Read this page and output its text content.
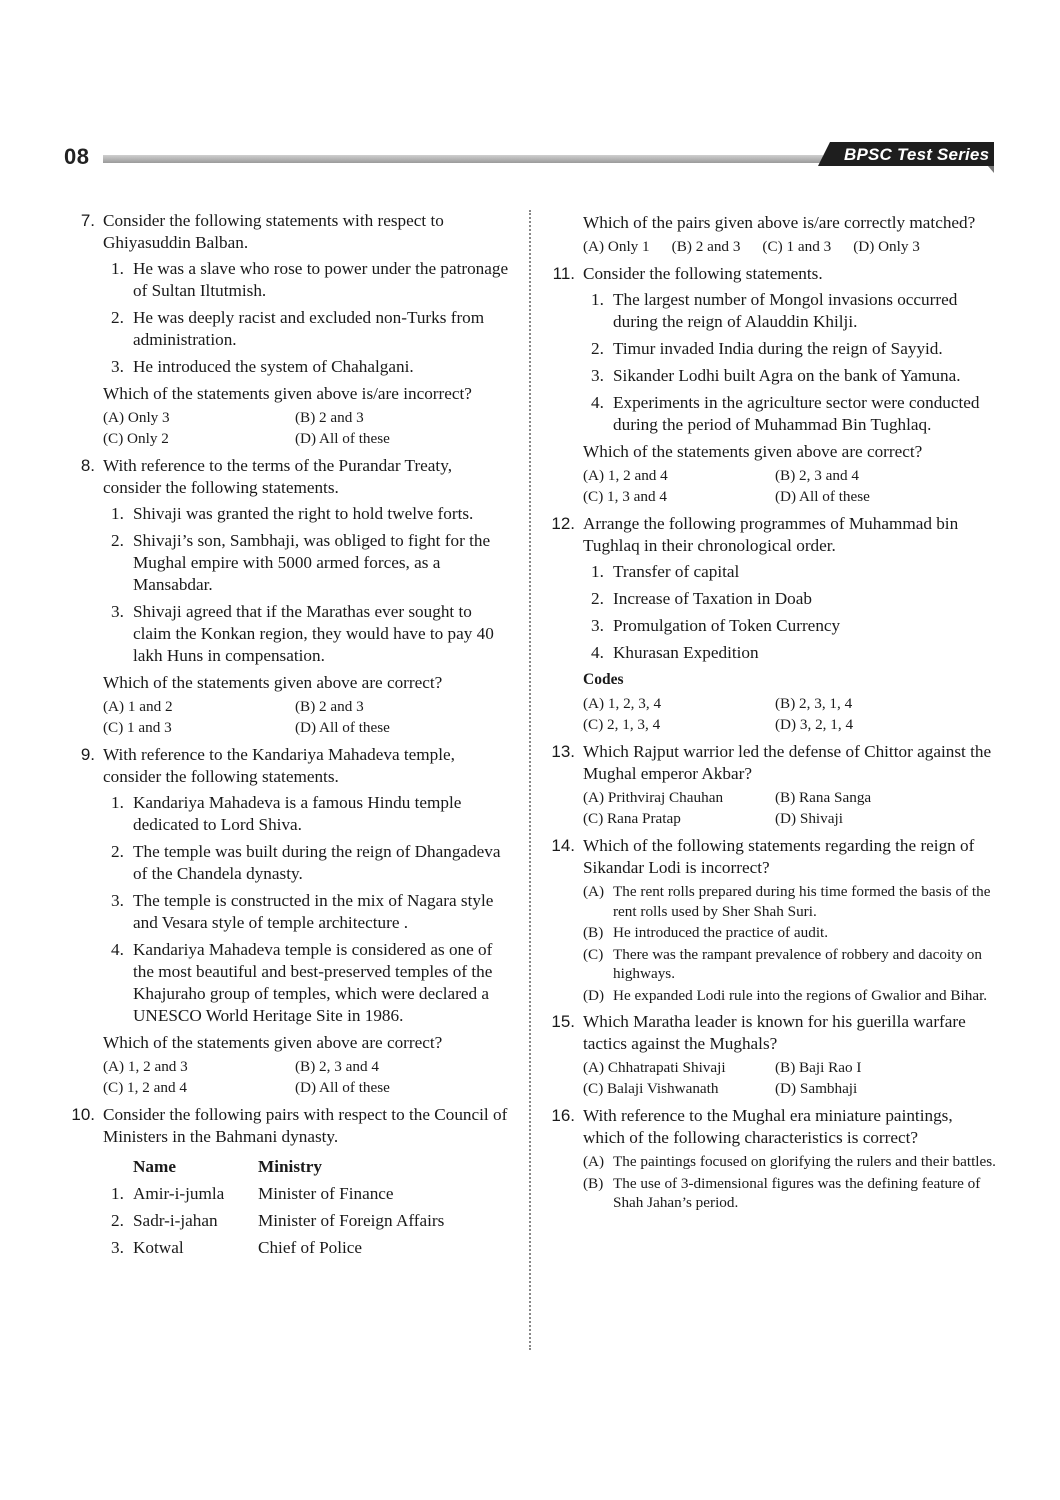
08	BPSC Test Series
7. Consider the following statements with respect to Ghiyasuddin Balban.
1. He was a slave who rose to power under the patronage of Sultan Iltutmish.
2. He was deeply racist and excluded non-Turks from administration.
3. He introduced the system of Chahalgani.
Which of the statements given above is/are incorrect?
(A) Only 3	(B) 2 and 3
(C) Only 2	(D) All of these
8. With reference to the terms of the Purandar Treaty, consider the following statements.
1. Shivaji was granted the right to hold twelve forts.
2. Shivaji’s son, Sambhaji, was obliged to fight for the Mughal empire with 5000 armed forces, as a Mansabdar.
3. Shivaji agreed that if the Marathas ever sought to claim the Konkan region, they would have to pay 40 lakh Huns in compensation.
Which of the statements given above are correct?
(A) 1 and 2	(B) 2 and 3
(C) 1 and 3	(D) All of these
9. With reference to the Kandariya Mahadeva temple, consider the following statements.
1. Kandariya Mahadeva is a famous Hindu temple dedicated to Lord Shiva.
2. The temple was built during the reign of Dhangadeva of the Chandela dynasty.
3. The temple is constructed in the mix of Nagara style and Vesara style of temple architecture .
4. Kandariya Mahadeva temple is considered as one of the most beautiful and best-preserved temples of the Khajuraho group of temples, which were declared a UNESCO World Heritage Site in 1986.
Which of the statements given above are correct?
(A) 1, 2 and 3	(B) 2, 3 and 4
(C) 1, 2 and 4	(D) All of these
10. Consider the following pairs with respect to the Council of Ministers in the Bahmani dynasty.
Name	Ministry
1. Amir-i-jumla	Minister of Finance
2. Sadr-i-jahan	Minister of Foreign Affairs
3. Kotwal	Chief of Police
Which of the pairs given above is/are correctly matched?
(A) Only 1 (B) 2 and 3 (C) 1 and 3 (D) Only 3
11. Consider the following statements.
1. The largest number of Mongol invasions occurred during the reign of Alauddin Khilji.
2. Timur invaded India during the reign of Sayyid.
3. Sikander Lodhi built Agra on the bank of Yamuna.
4. Experiments in the agriculture sector were conducted during the period of Muhammad Bin Tughlaq.
Which of the statements given above are correct?
(A) 1, 2 and 4	(B) 2, 3 and 4
(C) 1, 3 and 4	(D) All of these
12. Arrange the following programmes of Muhammad bin Tughlaq in their chronological order.
1. Transfer of capital
2. Increase of Taxation in Doab
3. Promulgation of Token Currency
4. Khurasan Expedition
Codes
(A) 1, 2, 3, 4	(B) 2, 3, 1, 4
(C) 2, 1, 3, 4	(D) 3, 2, 1, 4
13. Which Rajput warrior led the defense of Chittor against the Mughal emperor Akbar?
(A) Prithviraj Chauhan	(B) Rana Sanga
(C) Rana Pratap	(D) Shivaji
14. Which of the following statements regarding the reign of Sikandar Lodi is incorrect?
(A) The rent rolls prepared during his time formed the basis of the rent rolls used by Sher Shah Suri.
(B) He introduced the practice of audit.
(C) There was the rampant prevalence of robbery and dacoity on highways.
(D) He expanded Lodi rule into the regions of Gwalior and Bihar.
15. Which Maratha leader is known for his guerilla warfare tactics against the Mughals?
(A) Chhatrapati Shivaji	(B) Baji Rao I
(C) Balaji Vishwanath	(D) Sambhaji
16. With reference to the Mughal era miniature paintings, which of the following characteristics is correct?
(A) The paintings focused on glorifying the rulers and their battles.
(B) The use of 3-dimensional figures was the defining feature of Shah Jahan’s period.
